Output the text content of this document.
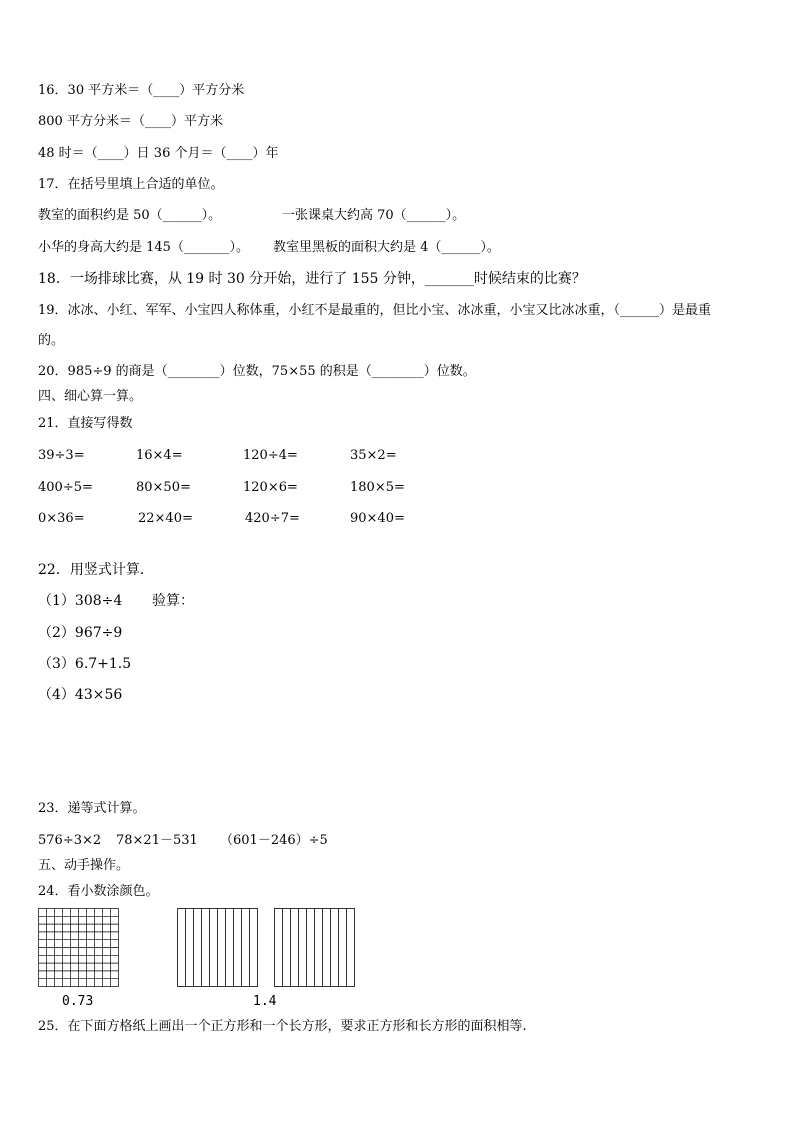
16．30 平方米＝（____）平方分米
800 平方分米＝（____）平方米
48 时＝（____）日 36 个月＝（____）年
17．在括号里填上合适的单位。
教室的面积约是 50（______）。	一张课桌大约高 70（______）。
小华的身高大约是 145（_______）。 教室里黑板的面积大约是 4（______）。
18．一场排球比赛，从 19 时 30 分开始，进行了 155 分钟，_______时候结束的比赛？
19．冰冰、小红、军军、小宝四人称体重，小红不是最重的，但比小宝、冰冰重，小宝又比冰冰重，（______）是最重
的。
20．985÷9 的商是（________）位数，75×55 的积是（________）位数。
四、细心算一算。
21．直接写得数
39÷3=	16×4=	120÷4=	35×2=
400÷5=	80×50=	120×6=	180×5=
0×36=	22×40=	420÷7=	90×40=
22．用竖式计算.
（1）308÷4 验算：
（2）967÷9
（3）6.7+1.5
（4）43×56
23．递等式计算。
576÷3×2 78×21－531 （601－246）÷5
五、动手操作。
24．看小数涂颜色。
0.73	1.4
25．在下面方格纸上画出一个正方形和一个长方形，要求正方形和长方形的面积相等.
